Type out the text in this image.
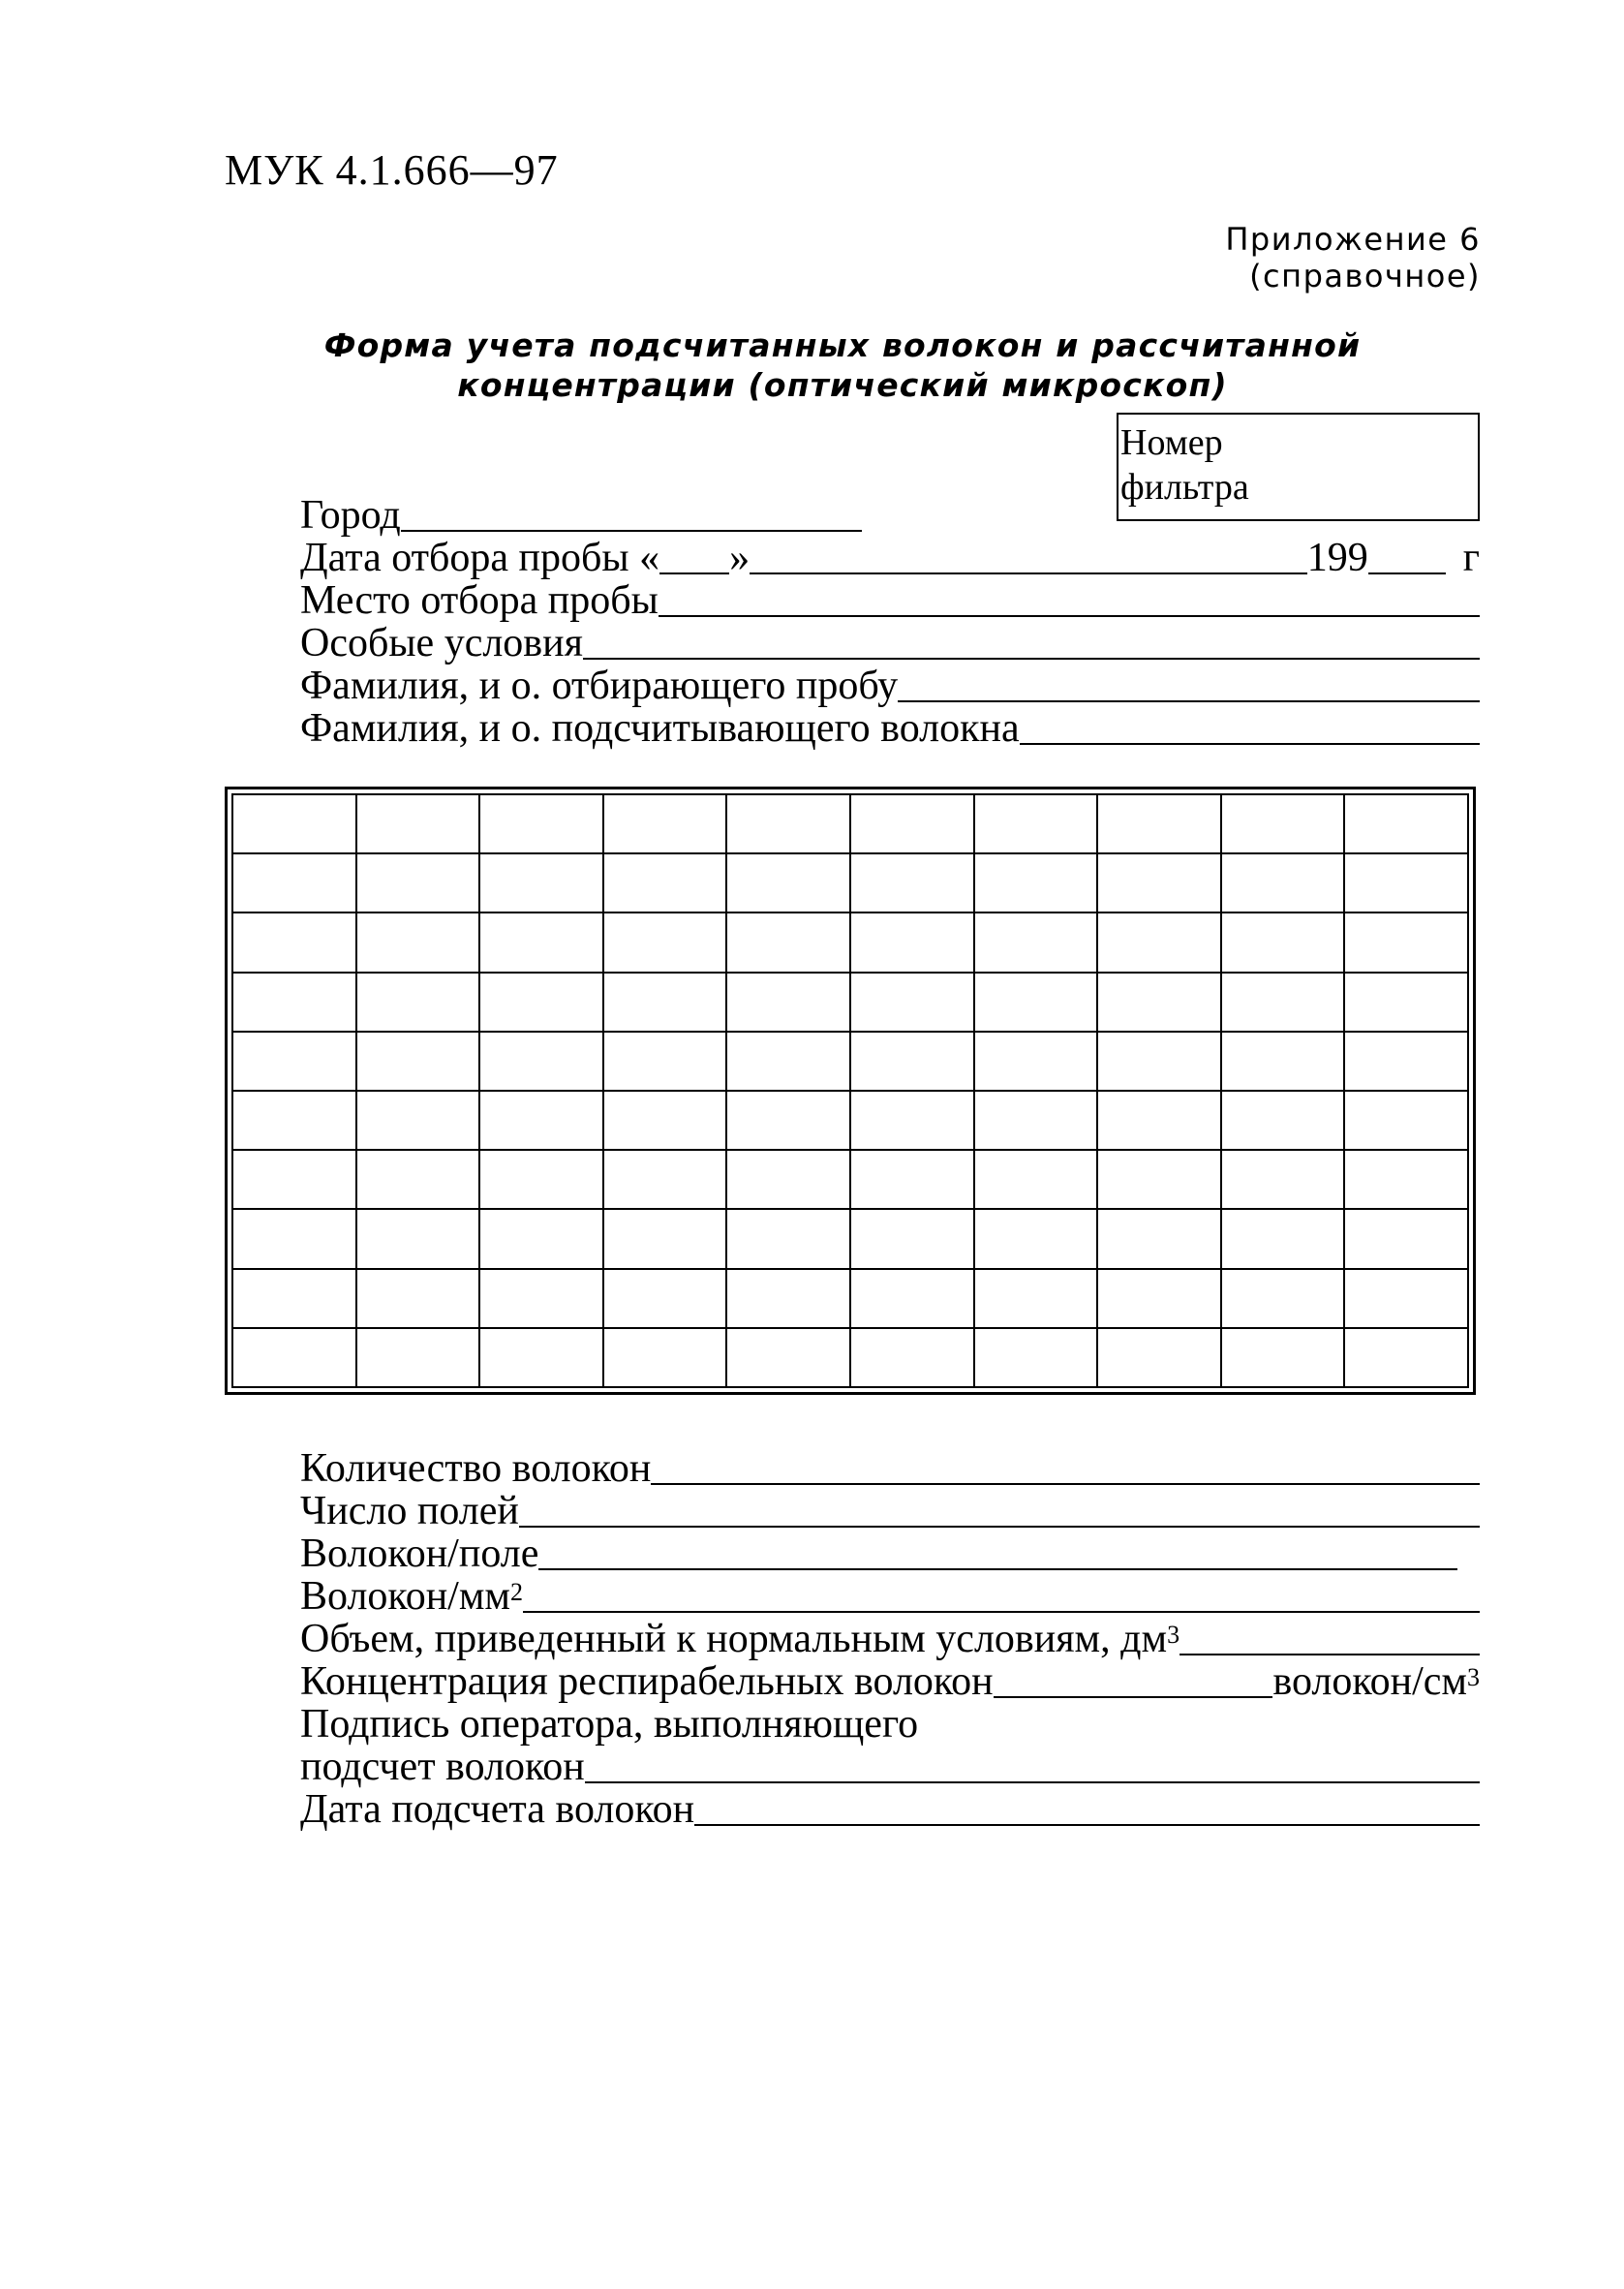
МУК 4.1.666—97
Приложение 6
(справочное)
Форма учета подсчитанных волокон и рассчитанной
концентрации (оптический микроскоп)
Номер
фильтра
Город
Дата отбора пробы « »	199 г
Место отбора пробы
Особые условия
Фамилия, и о. отбирающего пробу
Фамилия, и о. подсчитывающего волокна

Количество волокон
Число полей
Волокон/поле
Волокон/$мм^2$
Объем, приведенный к нормальным условиям, $дм^3$
Концентрация респирабельных волокон	волокон/$см^3$
Подпись оператора, выполняющего
подсчет волокон
Дата подсчета волокон
